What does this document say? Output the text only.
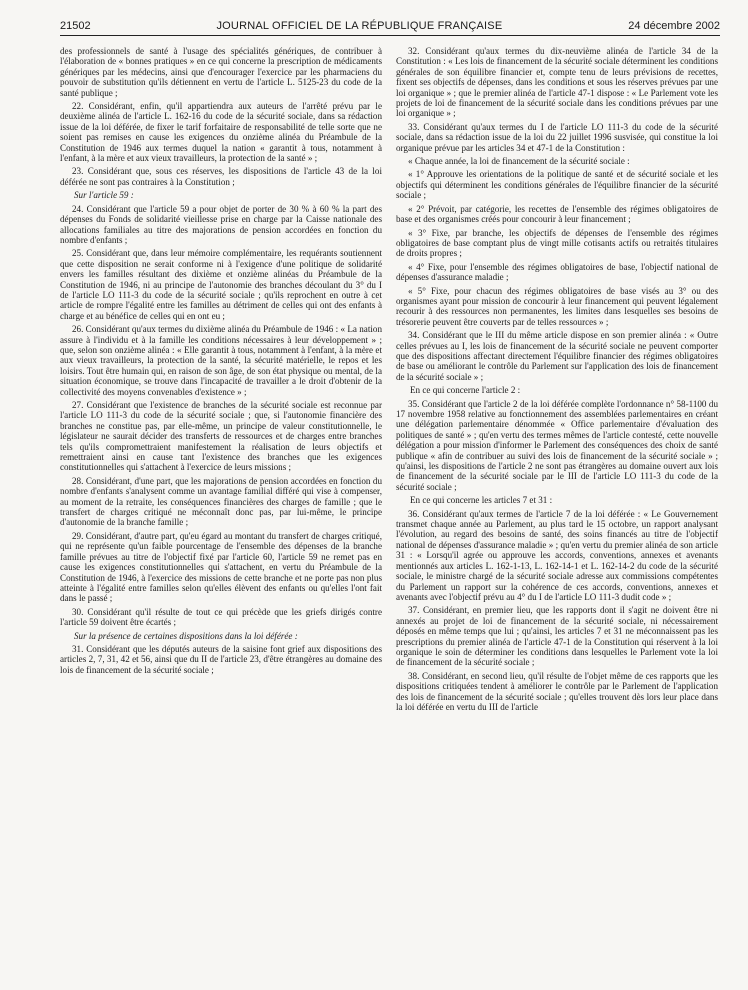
21502	JOURNAL OFFICIEL DE LA RÉPUBLIQUE FRANÇAISE	24 décembre 2002

des professionnels de santé à l'usage des spécialités génériques, de contribuer à l'élaboration de « bonnes pratiques » en ce qui concerne la prescription de médicaments génériques par les médecins, ainsi que d'encourager l'exercice par les pharmaciens du pouvoir de substitution qu'ils détiennent en vertu de l'article L. 5125-23 du code de la santé publique ;

22. Considérant, enfin, qu'il appartiendra aux auteurs de l'arrêté prévu par le deuxième alinéa de l'article L. 162-16 du code de la sécurité sociale, dans sa rédaction issue de la loi déférée, de fixer le tarif forfaitaire de responsabilité de telle sorte que ne soient pas remises en cause les exigences du onzième alinéa du Préambule de la Constitution de 1946 aux termes duquel la nation « garantit à tous, notamment à l'enfant, à la mère et aux vieux travailleurs, la protection de la santé » ;

23. Considérant que, sous ces réserves, les dispositions de l'article 43 de la loi déférée ne sont pas contraires à la Constitution ;

Sur l'article 59 :

24. Considérant que l'article 59 a pour objet de porter de 30 % à 60 % la part des dépenses du Fonds de solidarité vieillesse prise en charge par la Caisse nationale des allocations familiales au titre des majorations de pension accordées en fonction du nombre d'enfants ;

25. Considérant que, dans leur mémoire complémentaire, les requérants soutiennent que cette disposition ne serait conforme ni à l'exigence d'une politique de solidarité envers les familles résultant des dixième et onzième alinéas du Préambule de la Constitution de 1946, ni au principe de l'autonomie des branches découlant du 3° du I de l'article LO 111-3 du code de la sécurité sociale ; qu'ils reprochent en outre à cet article de rompre l'égalité entre les familles au détriment de celles qui ont des enfants à charge et au bénéfice de celles qui en ont eu ;

26. Considérant qu'aux termes du dixième alinéa du Préambule de 1946 : « La nation assure à l'individu et à la famille les conditions nécessaires à leur développement » ; que, selon son onzième alinéa : « Elle garantit à tous, notamment à l'enfant, à la mère et aux vieux travailleurs, la protection de la santé, la sécurité matérielle, le repos et les loisirs. Tout être humain qui, en raison de son âge, de son état physique ou mental, de la situation économique, se trouve dans l'incapacité de travailler a le droit d'obtenir de la collectivité des moyens convenables d'existence » ;

27. Considérant que l'existence de branches de la sécurité sociale est reconnue par l'article LO 111-3 du code de la sécurité sociale ; que, si l'autonomie financière des branches ne constitue pas, par elle-même, un principe de valeur constitutionnelle, le législateur ne saurait décider des transferts de ressources et de charges entre branches tels qu'ils compromettraient manifestement la réalisation de leurs objectifs et remettraient ainsi en cause tant l'existence des branches que les exigences constitutionnelles qui s'attachent à l'exercice de leurs missions ;

28. Considérant, d'une part, que les majorations de pension accordées en fonction du nombre d'enfants s'analysent comme un avantage familial différé qui vise à compenser, au moment de la retraite, les conséquences financières des charges de famille ; que le transfert de charges critiqué ne méconnaît donc pas, par lui-même, le principe d'autonomie de la branche famille ;

29. Considérant, d'autre part, qu'eu égard au montant du transfert de charges critiqué, qui ne représente qu'un faible pourcentage de l'ensemble des dépenses de la branche famille prévues au titre de l'objectif fixé par l'article 60, l'article 59 ne remet pas en cause les exigences constitutionnelles qui s'attachent, en vertu du Préambule de la Constitution de 1946, à l'exercice des missions de cette branche et ne porte pas non plus atteinte à l'égalité entre familles selon qu'elles élèvent des enfants ou qu'elles l'ont fait dans le passé ;

30. Considérant qu'il résulte de tout ce qui précède que les griefs dirigés contre l'article 59 doivent être écartés ;

Sur la présence de certaines dispositions dans la loi déférée :

31. Considérant que les députés auteurs de la saisine font grief aux dispositions des articles 2, 7, 31, 42 et 56, ainsi que du II de l'article 23, d'être étrangères au domaine des lois de financement de la sécurité sociale ;

32. Considérant qu'aux termes du dix-neuvième alinéa de l'article 34 de la Constitution : « Les lois de financement de la sécurité sociale déterminent les conditions générales de son équilibre financier et, compte tenu de leurs prévisions de recettes, fixent ses objectifs de dépenses, dans les conditions et sous les réserves prévues par une loi organique » ; que le premier alinéa de l'article 47-1 dispose : « Le Parlement vote les projets de loi de financement de la sécurité sociale dans les conditions prévues par une loi organique » ;

33. Considérant qu'aux termes du I de l'article LO 111-3 du code de la sécurité sociale, dans sa rédaction issue de la loi du 22 juillet 1996 susvisée, qui constitue la loi organique prévue par les articles 34 et 47-1 de la Constitution :

« Chaque année, la loi de financement de la sécurité sociale :

« 1° Approuve les orientations de la politique de santé et de sécurité sociale et les objectifs qui déterminent les conditions générales de l'équilibre financier de la sécurité sociale ;

« 2° Prévoit, par catégorie, les recettes de l'ensemble des régimes obligatoires de base et des organismes créés pour concourir à leur financement ;

« 3° Fixe, par branche, les objectifs de dépenses de l'ensemble des régimes obligatoires de base comptant plus de vingt mille cotisants actifs ou retraités titulaires de droits propres ;

« 4° Fixe, pour l'ensemble des régimes obligatoires de base, l'objectif national de dépenses d'assurance maladie ;

« 5° Fixe, pour chacun des régimes obligatoires de base visés au 3° ou des organismes ayant pour mission de concourir à leur financement qui peuvent légalement recourir à des ressources non permanentes, les limites dans lesquelles ses besoins de trésorerie peuvent être couverts par de telles ressources » ;

34. Considérant que le III du même article dispose en son premier alinéa : « Outre celles prévues au I, les lois de financement de la sécurité sociale ne peuvent comporter que des dispositions affectant directement l'équilibre financier des régimes obligatoires de base ou améliorant le contrôle du Parlement sur l'application des lois de financement de la sécurité sociale » ;

En ce qui concerne l'article 2 :

35. Considérant que l'article 2 de la loi déférée complète l'ordonnance n° 58-1100 du 17 novembre 1958 relative au fonctionnement des assemblées parlementaires en créant une délégation parlementaire dénommée « Office parlementaire d'évaluation des politiques de santé » ; qu'en vertu des termes mêmes de l'article contesté, cette nouvelle délégation a pour mission d'informer le Parlement des conséquences des choix de santé publique « afin de contribuer au suivi des lois de financement de la sécurité sociale » ; qu'ainsi, les dispositions de l'article 2 ne sont pas étrangères au domaine ouvert aux lois de financement de la sécurité sociale par le III de l'article LO 111-3 du code de la sécurité sociale ;

En ce qui concerne les articles 7 et 31 :

36. Considérant qu'aux termes de l'article 7 de la loi déférée : « Le Gouvernement transmet chaque année au Parlement, au plus tard le 15 octobre, un rapport analysant l'évolution, au regard des besoins de santé, des soins financés au titre de l'objectif national de dépenses d'assurance maladie » ; qu'en vertu du premier alinéa de son article 31 : « Lorsqu'il agrée ou approuve les accords, conventions, annexes et avenants mentionnés aux articles L. 162-1-13, L. 162-14-1 et L. 162-14-2 du code de la sécurité sociale, le ministre chargé de la sécurité sociale adresse aux commissions compétentes du Parlement un rapport sur la cohérence de ces accords, conventions, annexes et avenants avec l'objectif prévu au 4° du I de l'article LO 111-3 dudit code » ;

37. Considérant, en premier lieu, que les rapports dont il s'agit ne doivent être ni annexés au projet de loi de financement de la sécurité sociale, ni nécessairement déposés en même temps que lui ; qu'ainsi, les articles 7 et 31 ne méconnaissent pas les prescriptions du premier alinéa de l'article 47-1 de la Constitution qui réservent à la loi organique le soin de déterminer les conditions dans lesquelles le Parlement vote la loi de financement de la sécurité sociale ;

38. Considérant, en second lieu, qu'il résulte de l'objet même de ces rapports que les dispositions critiquées tendent à améliorer le contrôle par le Parlement de l'application des lois de financement de la sécurité sociale ; qu'elles trouvent dès lors leur place dans la loi déférée en vertu du III de l'article
